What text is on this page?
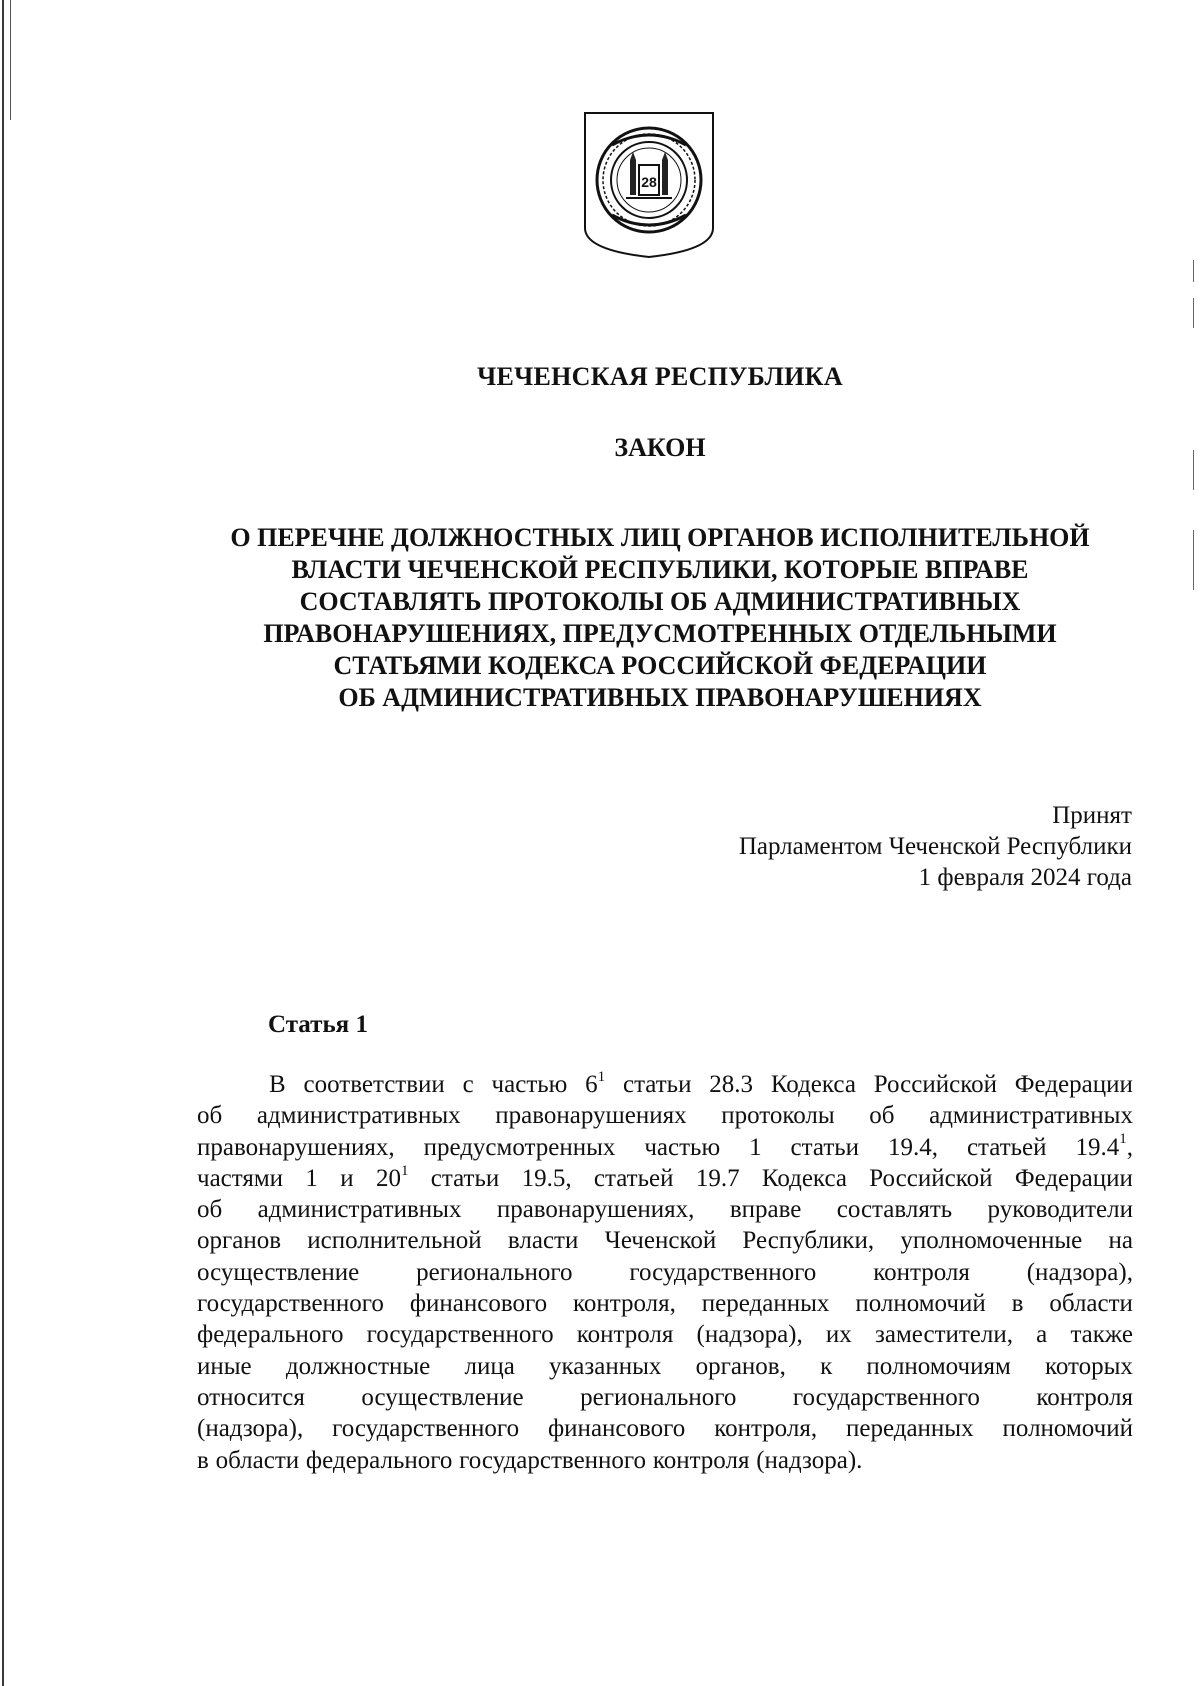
28
ЧЕЧЕНСКАЯ РЕСПУБЛИКА
ЗАКОН
О ПЕРЕЧНЕ ДОЛЖНОСТНЫХ ЛИЦ ОРГАНОВ ИСПОЛНИТЕЛЬНОЙ
ВЛАСТИ ЧЕЧЕНСКОЙ РЕСПУБЛИКИ, КОТОРЫЕ ВПРАВЕ
СОСТАВЛЯТЬ ПРОТОКОЛЫ ОБ АДМИНИСТРАТИВНЫХ
ПРАВОНАРУШЕНИЯХ, ПРЕДУСМОТРЕННЫХ ОТДЕЛЬНЫМИ
СТАТЬЯМИ КОДЕКСА РОССИЙСКОЙ ФЕДЕРАЦИИ
ОБ АДМИНИСТРАТИВНЫХ ПРАВОНАРУШЕНИЯХ
Принят
Парламентом Чеченской Республики
1 февраля 2024 года
Статья 1
В соответствии с частью $6^1$ статьи 28.3 Кодекса Российской Федерации
об административных правонарушениях протоколы об административных
правонарушениях, предусмотренных частью 1 статьи 19.4, статьей 19.4$^1$,
частями 1 и $20^1$ статьи 19.5, статьей 19.7 Кодекса Российской Федерации
об административных правонарушениях, вправе составлять руководители
органов исполнительной власти Чеченской Республики, уполномоченные на
осуществление регионального государственного контроля (надзора),
государственного финансового контроля, переданных полномочий в области
федерального государственного контроля (надзора), их заместители, а также
иные должностные лица указанных органов, к полномочиям которых
относится осуществление регионального государственного контроля
(надзора), государственного финансового контроля, переданных полномочий
в области федерального государственного контроля (надзора).
